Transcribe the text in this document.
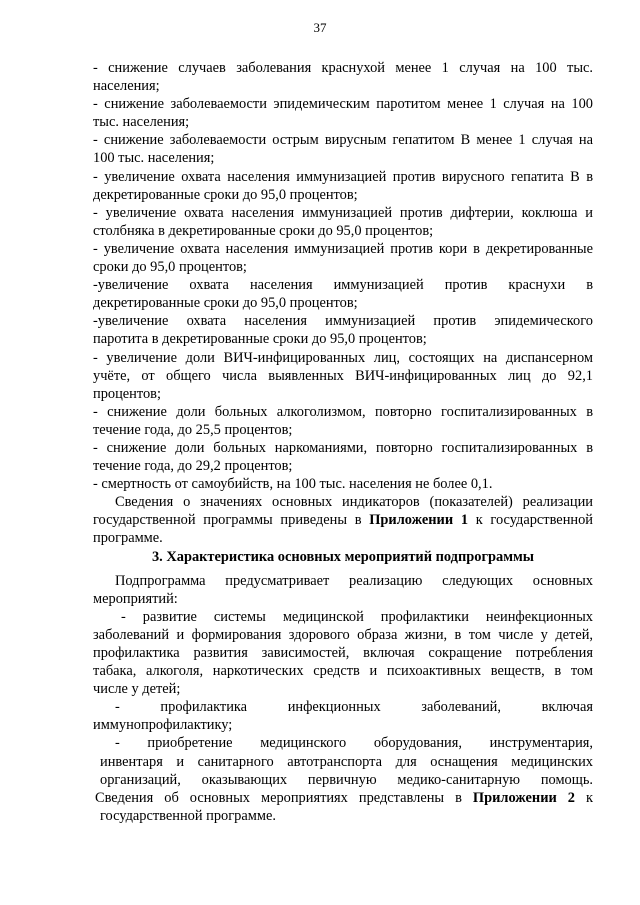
37
- снижение случаев заболевания краснухой менее 1 случая на 100 тыс.
населения;
- снижение заболеваемости эпидемическим паротитом менее 1 случая на 100
тыс. населения;
- снижение заболеваемости острым вирусным гепатитом В менее 1 случая на
100 тыс. населения;
- увеличение охвата населения иммунизацией против вирусного гепатита В в
декретированные сроки до 95,0 процентов;
- увеличение охвата населения иммунизацией против дифтерии, коклюша и
столбняка в декретированные сроки до 95,0 процентов;
- увеличение охвата населения иммунизацией против кори в декретированные
сроки до 95,0 процентов;
-увеличение охвата населения иммунизацией против краснухи в
декретированные сроки до 95,0 процентов;
-увеличение охвата населения иммунизацией против эпидемического
паротита в декретированные сроки до 95,0 процентов;
- увеличение доли ВИЧ-инфицированных лиц, состоящих на диспансерном
учёте, от общего числа выявленных ВИЧ-инфицированных лиц до 92,1
процентов;
- снижение доли больных алкоголизмом, повторно госпитализированных в
течение года, до 25,5 процентов;
- снижение доли больных наркоманиями, повторно госпитализированных в
течение года, до 29,2 процентов;
- смертность от самоубийств, на 100 тыс. населения не более 0,1.
Сведения о значениях основных индикаторов (показателей) реализации
государственной программы приведены в Приложении 1 к государственной
программе.
3. Характеристика основных мероприятий подпрограммы
Подпрограмма предусматривает реализацию следующих основных
мероприятий:
- развитие системы медицинской профилактики неинфекционных
заболеваний и формирования здорового образа жизни, в том числе у детей,
профилактика развития зависимостей, включая сокращение потребления
табака, алкоголя, наркотических средств и психоактивных веществ, в том
числе у детей;
- профилактика инфекционных заболеваний, включая
иммунопрофилактику;
- приобретение медицинского оборудования, инструментария,
инвентаря и санитарного автотранспорта для оснащения медицинских
организаций, оказывающих первичную медико-санитарную помощь.
Сведения об основных мероприятиях представлены в Приложении 2 к
государственной программе.
